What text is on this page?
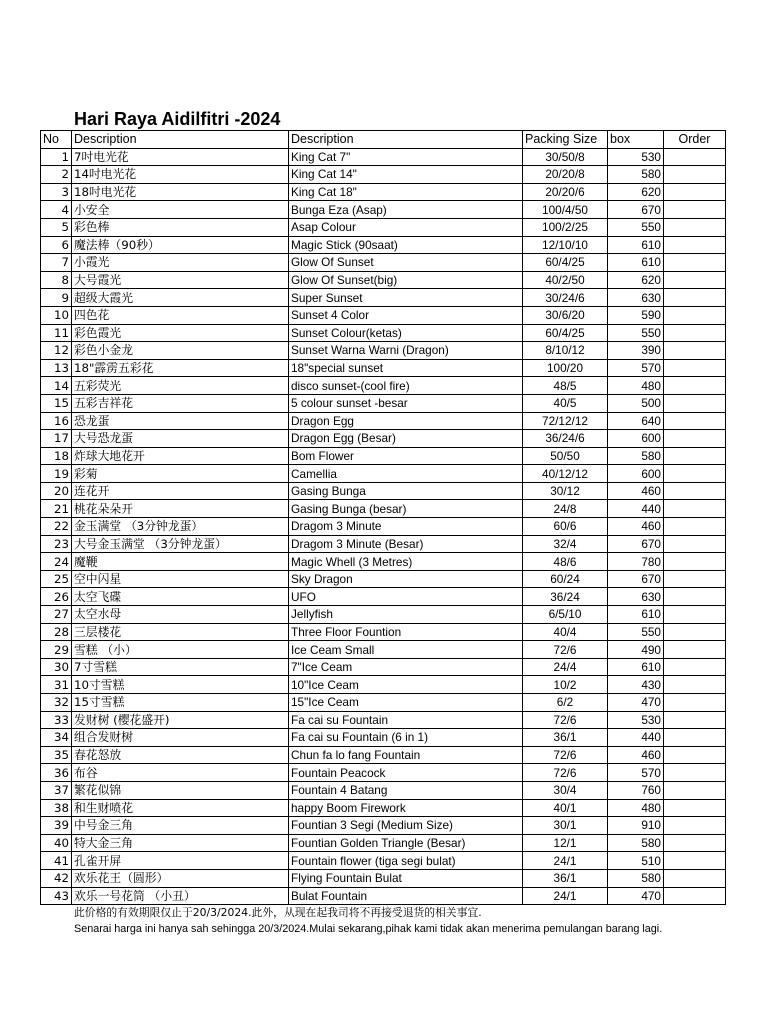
Hari Raya Aidilfitri -2024
No	Description	Description	Packing Size	box	Order
1	7吋电光花	King Cat 7"	30/50/8	530	
2	14吋电光花	King Cat 14"	20/20/8	580	
3	18吋电光花	King Cat 18"	20/20/6	620	
4	小安全	Bunga Eza (Asap)	100/4/50	670	
5	彩色棒	Asap Colour	100/2/25	550	
6	魔法棒（90秒）	Magic Stick (90saat)	12/10/10	610	
7	小霞光	Glow Of Sunset	60/4/25	610	
8	大号霞光	Glow Of Sunset(big)	40/2/50	620	
9	超级大霞光	Super Sunset	30/24/6	630	
10	四色花	Sunset 4 Color	30/6/20	590	
11	彩色霞光	Sunset Colour(ketas)	60/4/25	550	
12	彩色小金龙	Sunset Warna Warni (Dragon)	8/10/12	390	
13	18"霹雳五彩花	18"special sunset	100/20	570	
14	五彩荧光	disco sunset-(cool fire)	48/5	480	
15	五彩吉祥花	5 colour sunset -besar	40/5	500	
16	恐龙蛋	Dragon Egg	72/12/12	640	
17	大号恐龙蛋	Dragon Egg (Besar)	36/24/6	600	
18	炸球大地花开	Bom Flower	50/50	580	
19	彩菊	Camellia	40/12/12	600	
20	连花开	Gasing Bunga	30/12	460	
21	桃花朵朵开	Gasing Bunga (besar)	24/8	440	
22	金玉满堂 （3分钟龙蛋）	Dragom 3 Minute	60/6	460	
23	大号金玉满堂 （3分钟龙蛋）	Dragom 3 Minute (Besar)	32/4	670	
24	魔鞭	Magic Whell (3 Metres)	48/6	780	
25	空中闪星	Sky Dragon	60/24	670	
26	太空飞碟	UFO	36/24	630	
27	太空水母	Jellyfish	6/5/10	610	
28	三层楼花	Three Floor Fountion	40/4	550	
29	雪糕 （小）	Ice Ceam Small	72/6	490	
30	7寸雪糕	7"Ice Ceam	24/4	610	
31	10寸雪糕	10"Ice Ceam	10/2	430	
32	15寸雪糕	15"Ice Ceam	6/2	470	
33	发财树 (樱花盛开)	Fa cai su Fountain	72/6	530	
34	组合发财树	Fa cai su Fountain (6 in 1)	36/1	440	
35	春花怒放	Chun fa lo fang Fountain	72/6	460	
36	布谷	Fountain Peacock	72/6	570	
37	繁花似锦	Fountain 4 Batang	30/4	760	
38	和生财喷花	happy Boom Firework	40/1	480	
39	中号金三角	Fountian 3 Segi (Medium Size)	30/1	910	
40	特大金三角	Fountian Golden Triangle (Besar)	12/1	580	
41	孔雀开屏	Fountain flower (tiga segi bulat)	24/1	510	
42	欢乐花王（圆形）	Flying Fountain Bulat	36/1	580	
43	欢乐一号花筒 （小丑）	Bulat Fountain	24/1	470	
此价格的有效期限仅止于20/3/2024.此外，从现在起我司将不再接受退货的相关事宜.
Senarai harga ini hanya sah sehingga 20/3/2024.Mulai sekarang,pihak kami tidak akan menerima pemulangan barang lagi.
